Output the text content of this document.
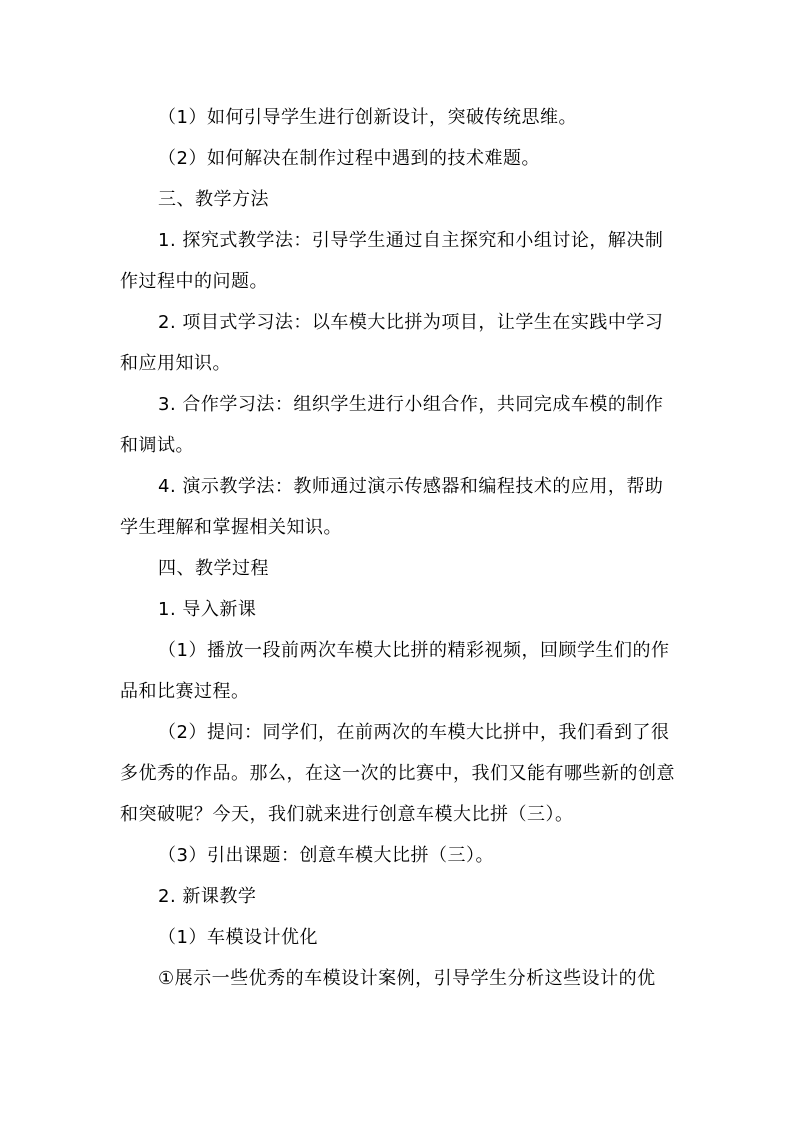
（1）如何引导学生进行创新设计，突破传统思维。

（2）如何解决在制作过程中遇到的技术难题。

三、教学方法

1. 探究式教学法：引导学生通过自主探究和小组讨论，解决制作过程中的问题。

2. 项目式学习法：以车模大比拼为项目，让学生在实践中学习和应用知识。

3. 合作学习法：组织学生进行小组合作，共同完成车模的制作和调试。

4. 演示教学法：教师通过演示传感器和编程技术的应用，帮助学生理解和掌握相关知识。

四、教学过程

1. 导入新课

（1）播放一段前两次车模大比拼的精彩视频，回顾学生们的作品和比赛过程。

（2）提问：同学们，在前两次的车模大比拼中，我们看到了很多优秀的作品。那么，在这一次的比赛中，我们又能有哪些新的创意和突破呢？今天，我们就来进行创意车模大比拼（三）。

（3）引出课题：创意车模大比拼（三）。

2. 新课教学

（1）车模设计优化

①展示一些优秀的车模设计案例，引导学生分析这些设计的优
